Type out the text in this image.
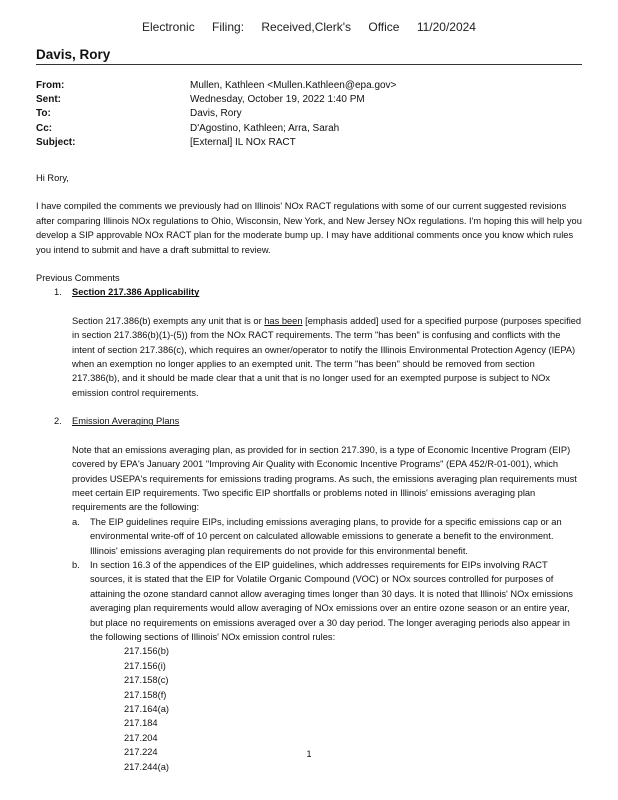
Electronic Filing: Received,Clerk's Office 11/20/2024
Davis, Rory
From:	Mullen, Kathleen <Mullen.Kathleen@epa.gov>
Sent:	Wednesday, October 19, 2022 1:40 PM
To:	Davis, Rory
Cc:	D'Agostino, Kathleen; Arra, Sarah
Subject:	[External] IL NOx RACT

Hi Rory,

I have compiled the comments we previously had on Illinois' NOx RACT regulations with some of our current suggested revisions after comparing Illinois NOx regulations to Ohio, Wisconsin, New York, and New Jersey NOx regulations. I'm hoping this will help you develop a SIP approvable NOx RACT plan for the moderate bump up. I may have additional comments once you know which rules you intend to submit and have a draft submittal to review.

Previous Comments

1. Section 217.386 Applicability

Section 217.386(b) exempts any unit that is or has been [emphasis added] used for a specified purpose (purposes specified in section 217.386(b)(1)-(5)) from the NOx RACT requirements. The term "has been" is confusing and conflicts with the intent of section 217.386(c), which requires an owner/operator to notify the Illinois Environmental Protection Agency (IEPA) when an exemption no longer applies to an exempted unit. The term "has been" should be removed from section 217.386(b), and it should be made clear that a unit that is no longer used for an exempted purpose is subject to NOx emission control requirements.

2. Emission Averaging Plans

Note that an emissions averaging plan, as provided for in section 217.390, is a type of Economic Incentive Program (EIP) covered by EPA's January 2001 "Improving Air Quality with Economic Incentive Programs" (EPA 452/R-01-001), which provides USEPA's requirements for emissions trading programs. As such, the emissions averaging plan requirements must meet certain EIP requirements. Two specific EIP shortfalls or problems noted in Illinois' emissions averaging plan requirements are the following:

a. The EIP guidelines require EIPs, including emissions averaging plans, to provide for a specific emissions cap or an environmental write-off of 10 percent on calculated allowable emissions to generate a benefit to the environment. Illinois' emissions averaging plan requirements do not provide for this environmental benefit.
b. In section 16.3 of the appendices of the EIP guidelines, which addresses requirements for EIPs involving RACT sources, it is stated that the EIP for Volatile Organic Compound (VOC) or NOx sources controlled for purposes of attaining the ozone standard cannot allow averaging times longer than 30 days. It is noted that Illinois' NOx emissions averaging plan requirements would allow averaging of NOx emissions over an entire ozone season or an entire year, but place no requirements on emissions averaged over a 30 day period. The longer averaging periods also appear in the following sections of Illinois' NOx emission control rules:
217.156(b)
217.156(i)
217.158(c)
217.158(f)
217.164(a)
217.184
217.204
217.224
217.244(a)
1
